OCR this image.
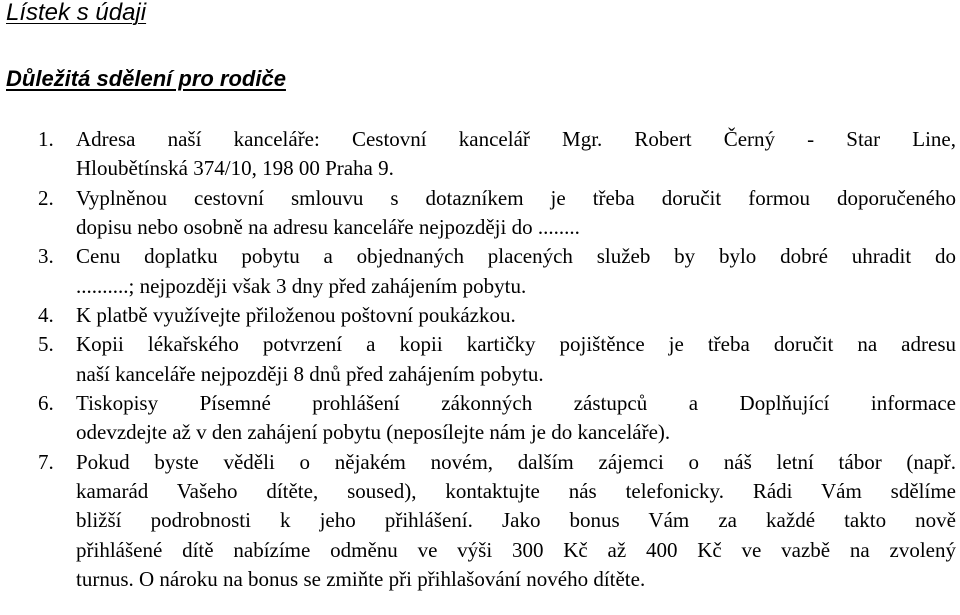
Lístek s údaji
Důležitá sdělení pro rodiče
1. Adresa naší kanceláře: Cestovní kancelář Mgr. Robert Černý - Star Line,
Hloubětínská 374/10, 198 00 Praha 9.
2. Vyplněnou cestovní smlouvu s dotazníkem je třeba doručit formou doporučeného
dopisu nebo osobně na adresu kanceláře nejpozději do ........
3. Cenu doplatku pobytu a objednaných placených služeb by bylo dobré uhradit do
..........; nejpozději však 3 dny před zahájením pobytu.
4. K platbě využívejte přiloženou poštovní poukázkou.
5. Kopii lékařského potvrzení a kopii kartičky pojištěnce je třeba doručit na adresu
naší kanceláře nejpozději 8 dnů před zahájením pobytu.
6. Tiskopisy Písemné prohlášení zákonných zástupců a Doplňující informace
odevzdejte až v den zahájení pobytu (neposílejte nám je do kanceláře).
7. Pokud byste věděli o nějakém novém, dalším zájemci o náš letní tábor (např.
kamarád Vašeho dítěte, soused), kontaktujte nás telefonicky. Rádi Vám sdělíme
bližší podrobnosti k jeho přihlášení. Jako bonus Vám za každé takto nově
přihlášené dítě nabízíme odměnu ve výši 300 Kč až 400 Kč ve vazbě na zvolený
turnus. O nároku na bonus se zmiňte při přihlašování nového dítěte.
